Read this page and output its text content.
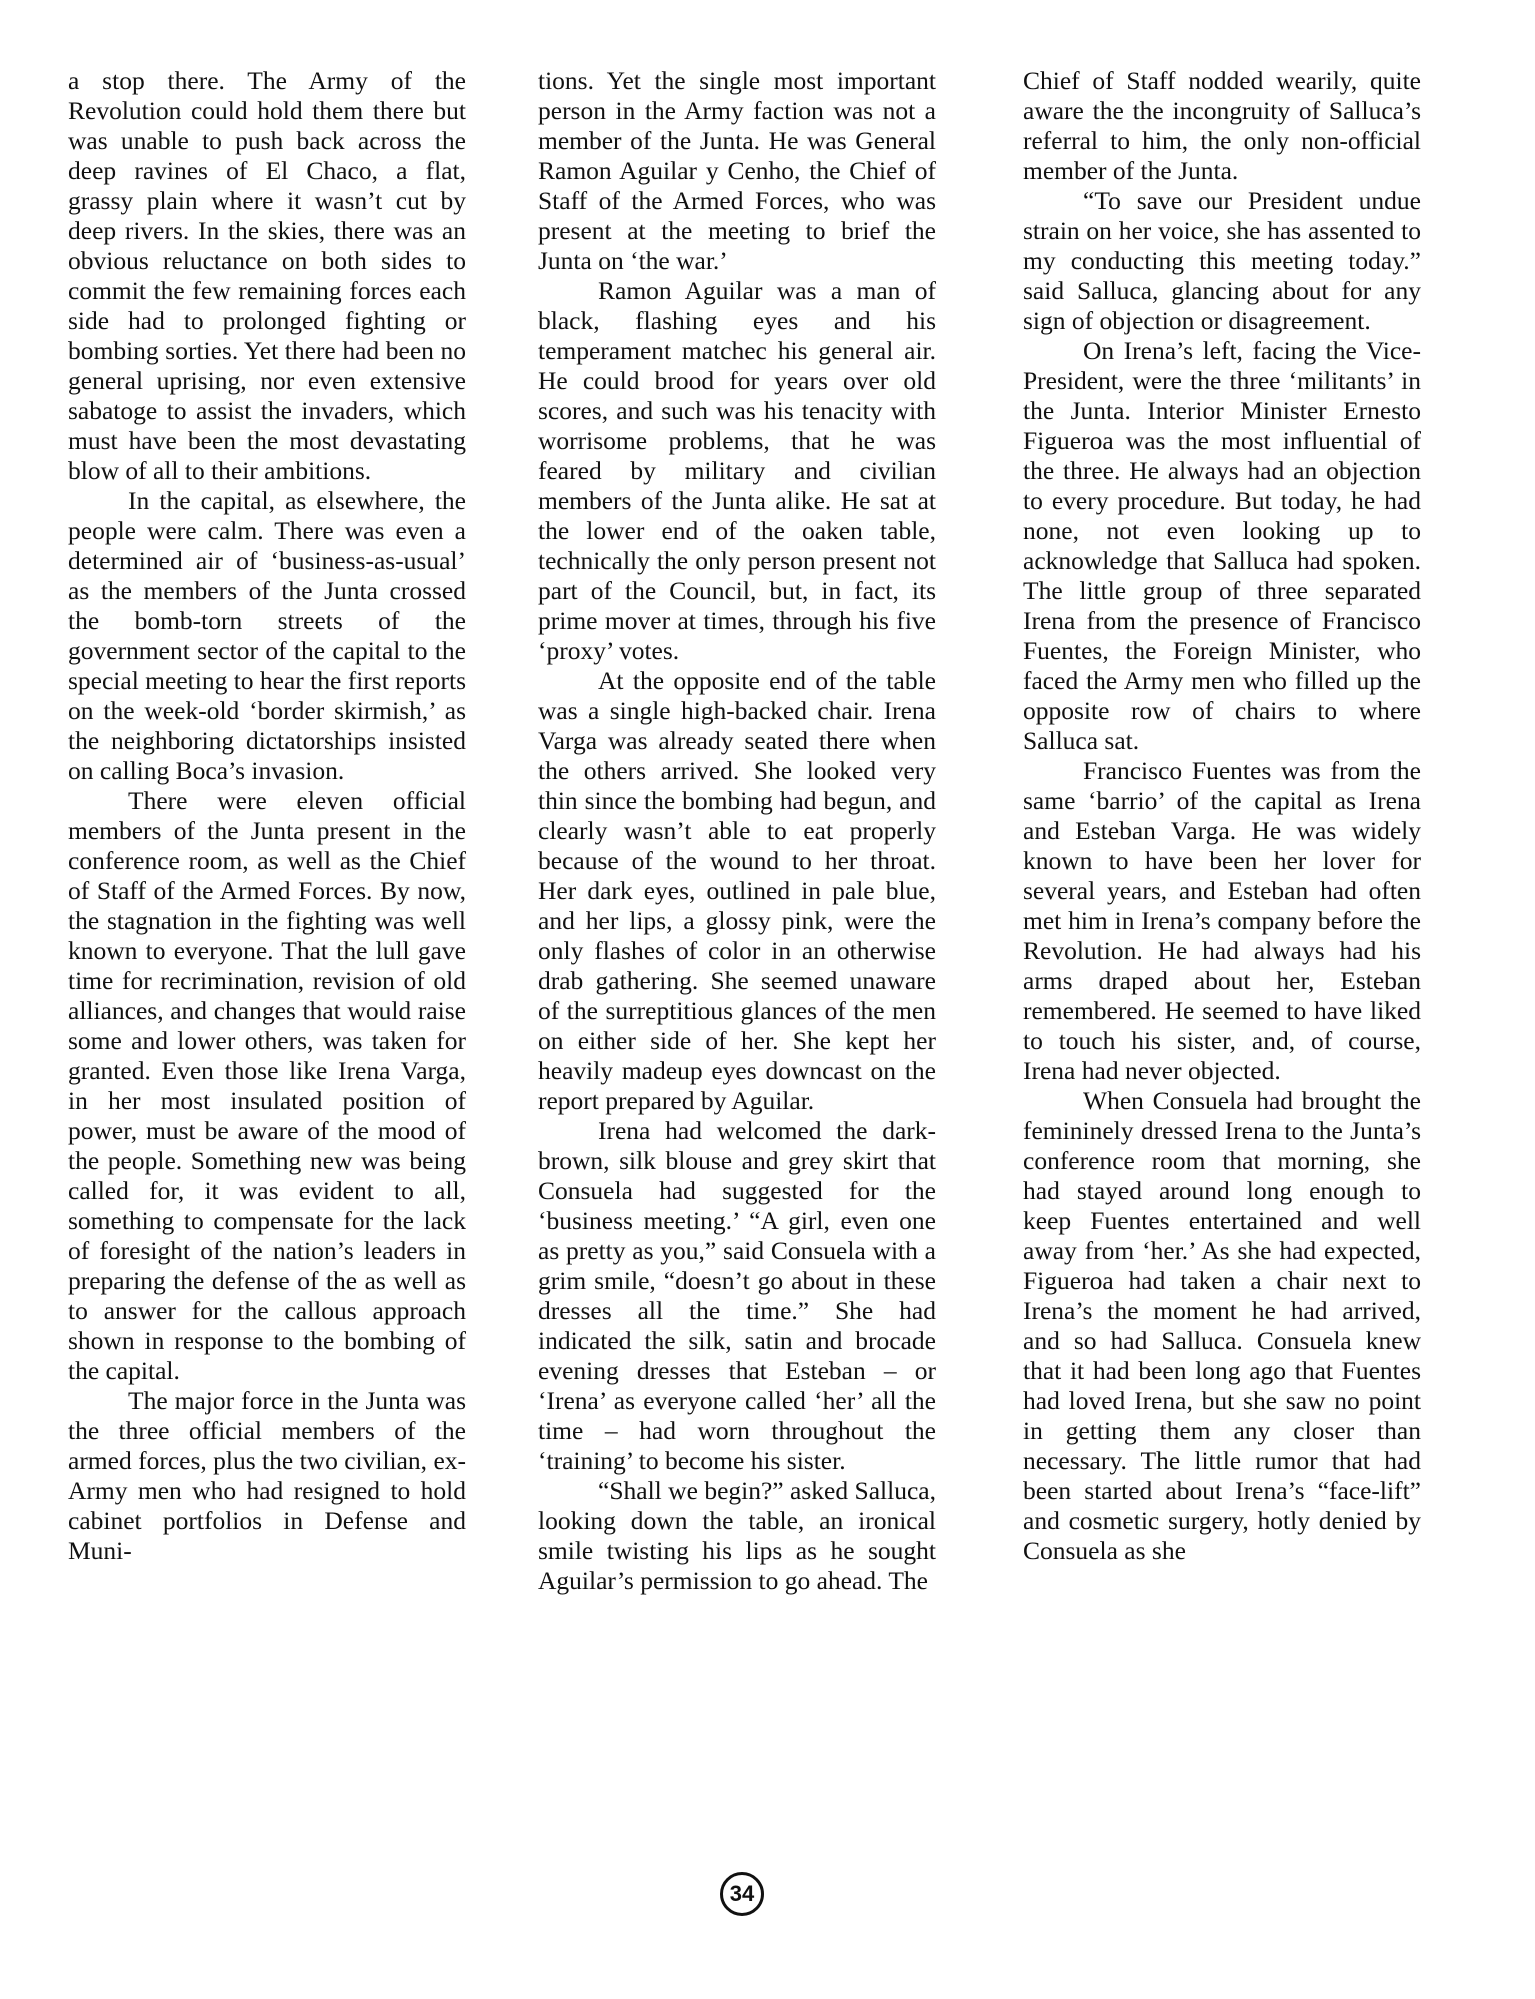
a stop there. The Army of the Revolution could hold them there but was unable to push back across the deep ravines of El Chaco, a flat, grassy plain where it wasn’t cut by deep rivers. In the skies, there was an obvious reluctance on both sides to commit the few remaining forces each side had to prolonged fighting or bombing sorties. Yet there had been no general uprising, nor even extensive sabatoge to assist the invaders, which must have been the most devastating blow of all to their ambitions.

In the capital, as elsewhere, the people were calm. There was even a determined air of ‘business-as-usual’ as the members of the Junta crossed the bomb-torn streets of the government sector of the capital to the special meeting to hear the first reports on the week-old ‘border skirmish,’ as the neighboring dictatorships insisted on calling Boca’s invasion.

There were eleven official members of the Junta present in the conference room, as well as the Chief of Staff of the Armed Forces. By now, the stagnation in the fighting was well known to everyone. That the lull gave time for recrimination, revision of old alliances, and changes that would raise some and lower others, was taken for granted. Even those like Irena Varga, in her most insulated position of power, must be aware of the mood of the people. Something new was being called for, it was evident to all, something to compensate for the lack of foresight of the nation’s leaders in preparing the defense of the as well as to answer for the callous approach shown in response to the bombing of the capital.

The major force in the Junta was the three official members of the armed forces, plus the two civilian, ex-Army men who had resigned to hold cabinet portfolios in Defense and Muni-

tions. Yet the single most important person in the Army faction was not a member of the Junta. He was General Ramon Aguilar y Cenho, the Chief of Staff of the Armed Forces, who was present at the meeting to brief the Junta on ‘the war.’

Ramon Aguilar was a man of black, flashing eyes and his temperament matchec his general air. He could brood for years over old scores, and such was his tenacity with worrisome problems, that he was feared by military and civilian members of the Junta alike. He sat at the lower end of the oaken table, technically the only person present not part of the Council, but, in fact, its prime mover at times, through his five ‘proxy’ votes.

At the opposite end of the table was a single high-backed chair. Irena Varga was already seated there when the others arrived. She looked very thin since the bombing had begun, and clearly wasn’t able to eat properly because of the wound to her throat. Her dark eyes, outlined in pale blue, and her lips, a glossy pink, were the only flashes of color in an otherwise drab gathering. She seemed unaware of the surreptitious glances of the men on either side of her. She kept her heavily madeup eyes downcast on the report prepared by Aguilar.

Irena had welcomed the dark-brown, silk blouse and grey skirt that Consuela had suggested for the ‘business meeting.’ “A girl, even one as pretty as you,” said Consuela with a grim smile, “doesn’t go about in these dresses all the time.” She had indicated the silk, satin and brocade evening dresses that Esteban – or ‘Irena’ as everyone called ‘her’ all the time – had worn throughout the ‘training’ to become his sister.

“Shall we begin?” asked Salluca, looking down the table, an ironical smile twisting his lips as he sought Aguilar’s permission to go ahead. The

Chief of Staff nodded wearily, quite aware the the incongruity of Salluca’s referral to him, the only non-official member of the Junta.

“To save our President undue strain on her voice, she has assented to my conducting this meeting today.” said Salluca, glancing about for any sign of objection or disagreement.

On Irena’s left, facing the Vice-President, were the three ‘militants’ in the Junta. Interior Minister Ernesto Figueroa was the most influential of the three. He always had an objection to every procedure. But today, he had none, not even looking up to acknowledge that Salluca had spoken. The little group of three separated Irena from the presence of Francisco Fuentes, the Foreign Minister, who faced the Army men who filled up the opposite row of chairs to where Salluca sat.

Francisco Fuentes was from the same ‘barrio’ of the capital as Irena and Esteban Varga. He was widely known to have been her lover for several years, and Esteban had often met him in Irena’s company before the Revolution. He had always had his arms draped about her, Esteban remembered. He seemed to have liked to touch his sister, and, of course, Irena had never objected.

When Consuela had brought the femininely dressed Irena to the Junta’s conference room that morning, she had stayed around long enough to keep Fuentes entertained and well away from ‘her.’ As she had expected, Figueroa had taken a chair next to Irena’s the moment he had arrived, and so had Salluca. Consuela knew that it had been long ago that Fuentes had loved Irena, but she saw no point in getting them any closer than necessary. The little rumor that had been started about Irena’s “face-lift” and cosmetic surgery, hotly denied by Consuela as she

34
